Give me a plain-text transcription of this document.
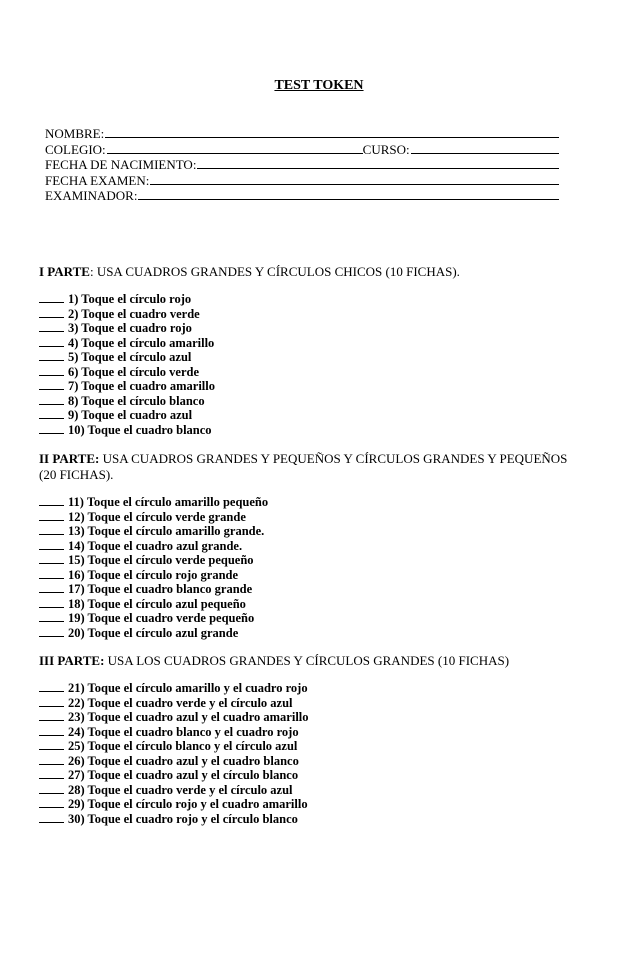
TEST TOKEN
NOMBRE:
COLEGIO:	CURSO:
FECHA DE NACIMIENTO:
FECHA EXAMEN:
EXAMINADOR:
I PARTE: USA CUADROS GRANDES Y CÍRCULOS CHICOS (10 FICHAS).
1) Toque el círculo rojo
2) Toque el cuadro verde
3) Toque el cuadro rojo
4) Toque el círculo amarillo
5) Toque el círculo azul
6) Toque el círculo verde
7) Toque el cuadro amarillo
8) Toque el círculo blanco
9) Toque el cuadro azul
10) Toque el cuadro blanco
II PARTE: USA CUADROS GRANDES Y PEQUEÑOS Y CÍRCULOS GRANDES Y PEQUEÑOS (20 FICHAS).
11) Toque el círculo amarillo pequeño
12) Toque el círculo verde grande
13) Toque el círculo amarillo grande.
14) Toque el cuadro azul grande.
15) Toque el círculo verde pequeño
16) Toque el círculo rojo grande
17) Toque el cuadro blanco grande
18) Toque el círculo azul pequeño
19) Toque el cuadro verde pequeño
20) Toque el círculo azul grande
III PARTE: USA LOS CUADROS GRANDES Y CÍRCULOS GRANDES (10 FICHAS)
21) Toque el círculo amarillo y el cuadro rojo
22) Toque el cuadro verde y el círculo azul
23) Toque el cuadro azul y el cuadro amarillo
24) Toque el cuadro blanco y el cuadro rojo
25) Toque el círculo blanco y el círculo azul
26) Toque el cuadro azul y el cuadro blanco
27) Toque el cuadro azul y el círculo blanco
28) Toque el cuadro verde y el círculo azul
29) Toque el círculo rojo y el cuadro amarillo
30) Toque el cuadro rojo y el círculo blanco
